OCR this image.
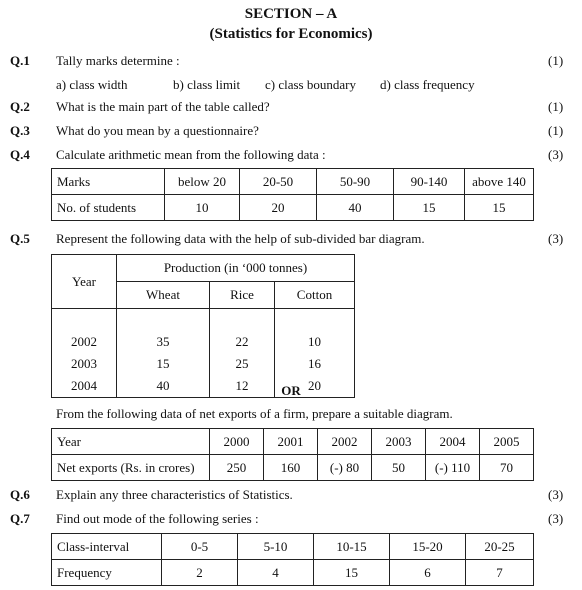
SECTION – A
(Statistics for Economics)
Q.1 Tally marks determine :	(1)
a) class width	b) class limit c) class boundary d) class frequency
Q.2 What is the main part of the table called?	(1)
Q.3 What do you mean by a questionnaire?	(1)
Q.4 Calculate arithmetic mean from the following data :	(3)
Marks	below 20	20-50	50-90	90-140	above 140
No. of students	10	20	40	15	15
Q.5 Represent the following data with the help of sub-divided bar diagram.	(3)
Year	Production (in ‘000 tonnes)		
	Wheat	Rice	Cotton

2002	35	22	10
2003	15	25	16
2004	40	12	20
OR
From the following data of net exports of a firm, prepare a suitable diagram.
Year	2000	2001	2002	2003	2004	2005
Net exports (Rs. in crores)	250	160	(-) 80	50	(-) 110	70
Q.6 Explain any three characteristics of Statistics.	(3)
Q.7 Find out mode of the following series :	(3)
Class-interval	0-5	5-10	10-15	15-20	20-25
Frequency	2	4	15	6	7
